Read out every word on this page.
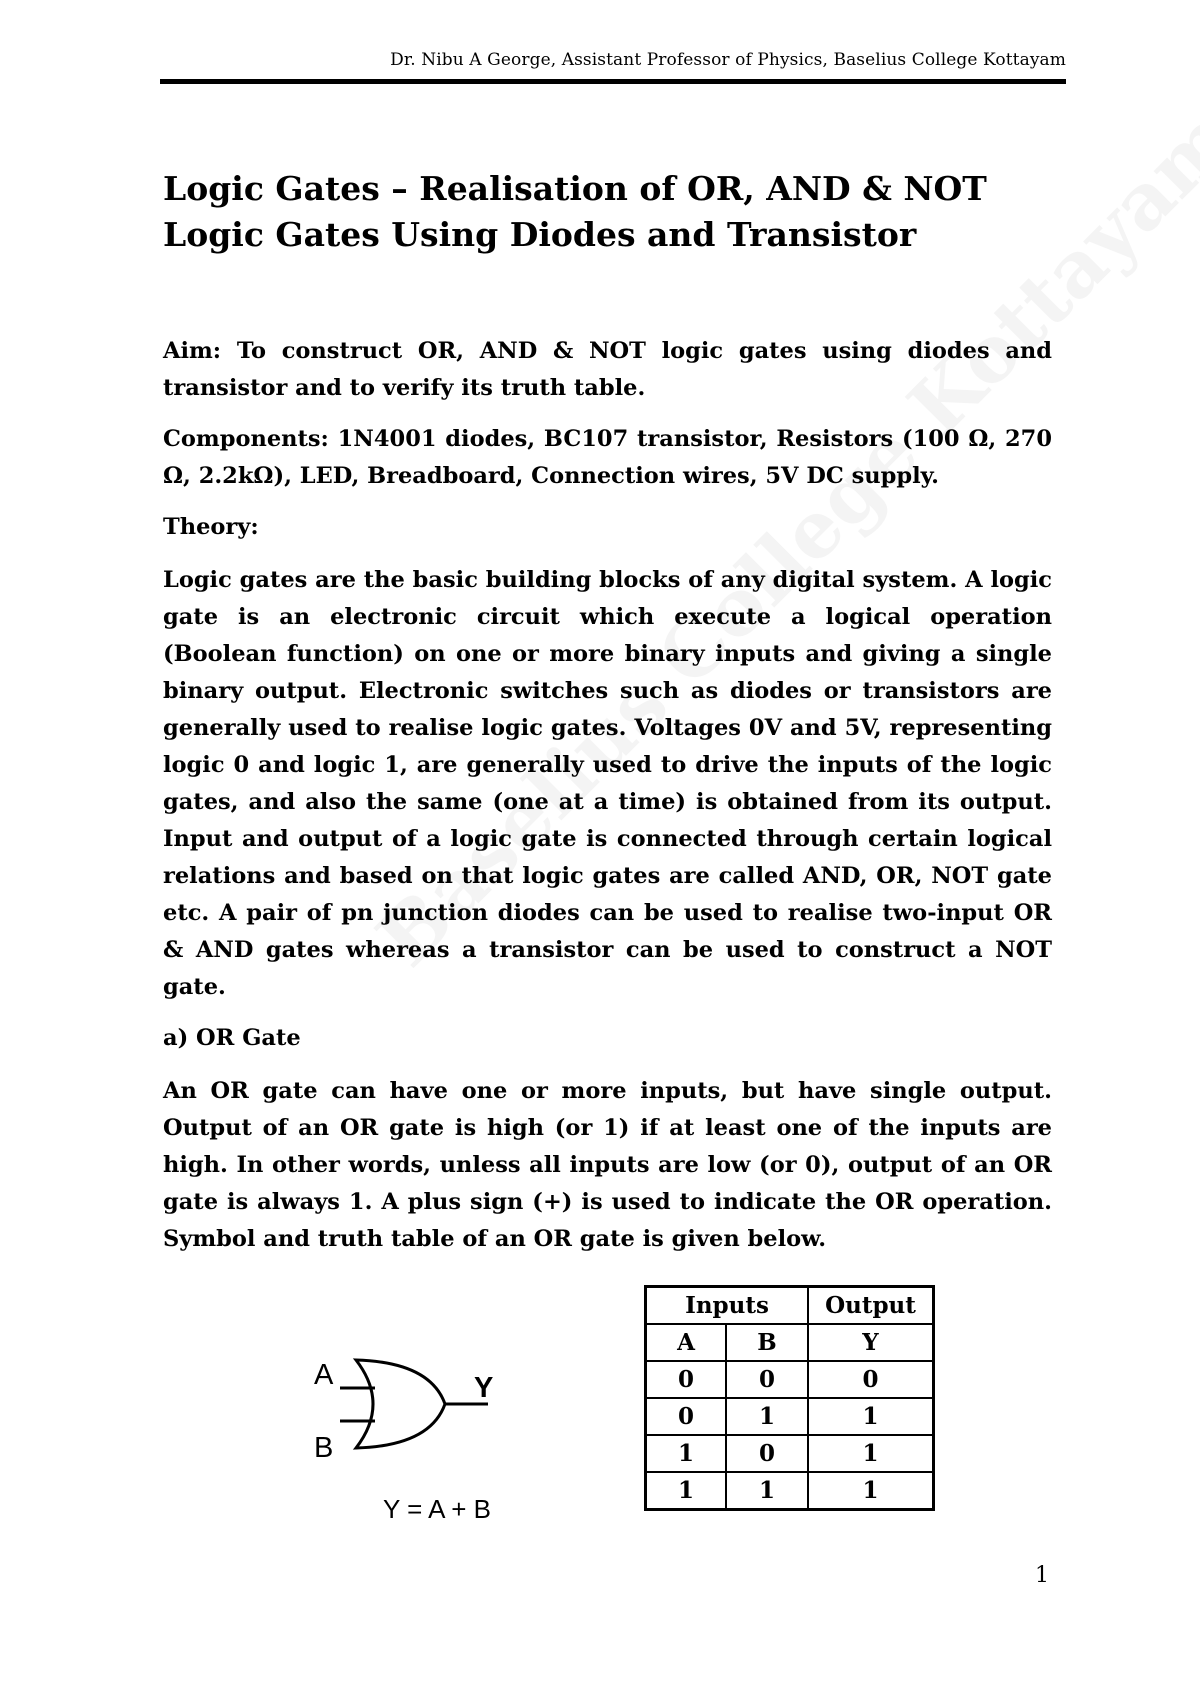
Dr. Nibu A George, Assistant Professor of Physics, Baselius College Kottayam
Logic Gates – Realisation of OR, AND & NOT
Logic Gates Using Diodes and Transistor

Aim: To construct OR, AND & NOT logic gates using diodes and transistor and to verify its truth table.

Components: 1N4001 diodes, BC107 transistor, Resistors (100 Ω, 270 Ω, 2.2kΩ), LED, Breadboard, Connection wires, 5V DC supply.

Theory:

Logic gates are the basic building blocks of any digital system. A logic gate is an electronic circuit which execute a logical operation (Boolean function) on one or more binary inputs and giving a single binary output. Electronic switches such as diodes or transistors are generally used to realise logic gates. Voltages 0V and 5V, representing logic 0 and logic 1, are generally used to drive the inputs of the logic gates, and also the same (one at a time) is obtained from its output. Input and output of a logic gate is connected through certain logical relations and based on that logic gates are called AND, OR, NOT gate etc. A pair of pn junction diodes can be used to realise two-input OR & AND gates whereas a transistor can be used to construct a NOT gate.

a) OR Gate

An OR gate can have one or more inputs, but have single output. Output of an OR gate is high (or 1) if at least one of the inputs are high. In other words, unless all inputs are low (or 0), output of an OR gate is always 1. A plus sign (+) is used to indicate the OR operation. Symbol and truth table of an OR gate is given below.

A
B
Y
Y = A + B
Inputs		Output
A	B	Y
0	0	0
0	1	1
1	0	1
1	1	1
1
